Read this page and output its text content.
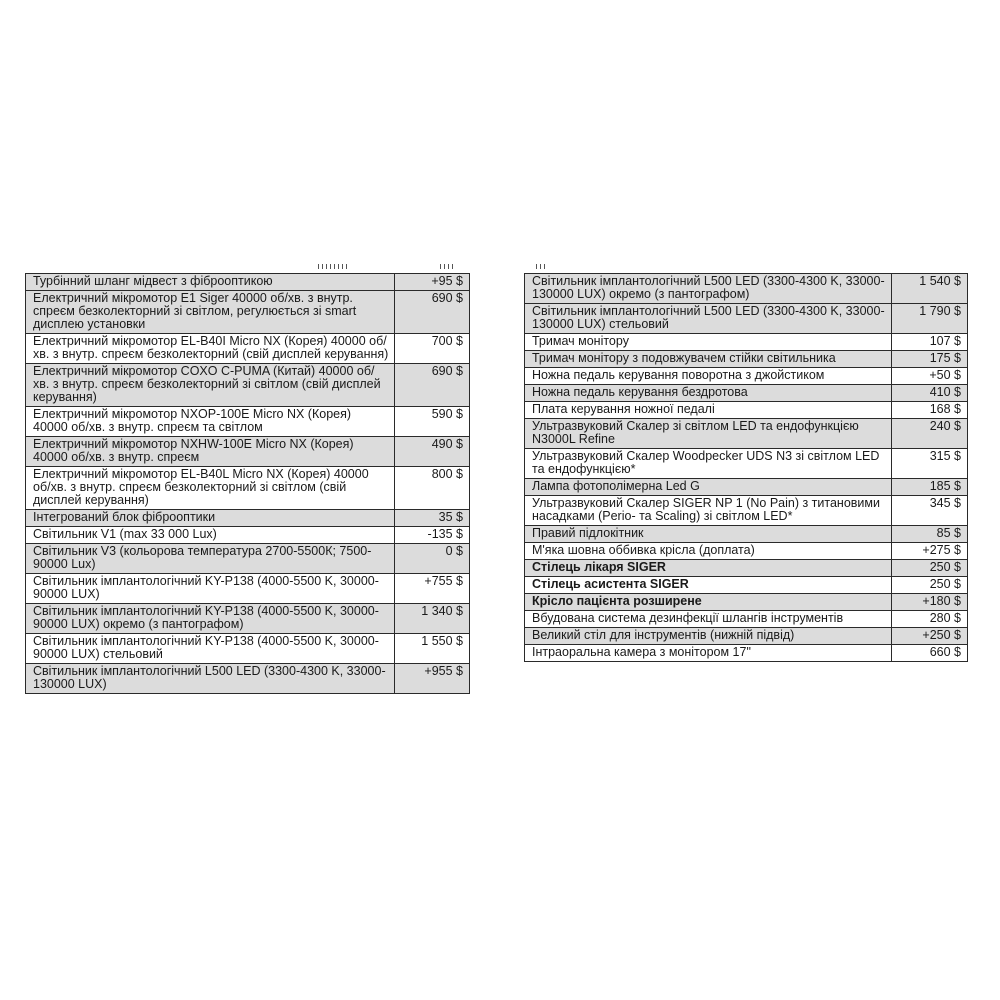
Турбінний шланг мідвест з фіброоптикою	+95 $
Електричний мікромотор E1 Siger 40000 об/хв. з внутр. спреєм безколекторний зі світлом, регулюється зі smart дисплею установки	690 $
Електричний мікромотор EL-B40I Micro NX (Корея) 40000 об/хв. з внутр. спреєм безколекторний (свій дисплей керування)	700 $
Електричний мікромотор COXO C-PUMA (Китай) 40000 об/хв. з внутр. спреєм безколекторний зі світлом (свій дисплей керування)	690 $
Електричний мікромотор NXOP-100E Micro NX (Корея) 40000 об/хв. з внутр. спреєм та світлом	590 $
Електричний мікромотор NXHW-100E Micro NX (Корея) 40000 об/хв. з внутр. спреєм	490 $
Електричний мікромотор EL-B40L Micro NX (Корея) 40000 об/хв. з внутр. спреєм безколекторний зі світлом (свій дисплей керування)	800 $
Інтегрований блок фіброоптики	35 $
Світильник V1 (max 33 000 Lux)	-135 $
Світильник V3 (кольорова температура 2700-5500К; 7500-90000 Lux)	0 $
Світильник імплантологічний KY-P138 (4000-5500 K, 30000-90000 LUX)	+755 $
Світильник імплантологічний KY-P138 (4000-5500 K, 30000-90000 LUX) окремо (з пантографом)	1 340 $
Світильник імплантологічний KY-P138 (4000-5500 K, 30000-90000 LUX) стельовий	1 550 $
Світильник імплантологічний L500 LED (3300-4300 K, 33000-130000 LUX)	+955 $
Світильник імплантологічний L500 LED (3300-4300 K, 33000-130000 LUX) окремо (з пантографом)	1 540 $
Світильник імплантологічний L500 LED (3300-4300 K, 33000-130000 LUX) стельовий	1 790 $
Тримач монітору	107 $
Тримач монітору з подовжувачем стійки світильника	175 $
Ножна педаль керування поворотна з джойстиком	+50 $
Ножна педаль керування бездротова	410 $
Плата керування ножної педалі	168 $
Ультразвуковий Скалер зі світлом LED та ендофункцією N3000L Refine	240 $
Ультразвуковий Скалер Woodpecker UDS N3 зі світлом LED та ендофункцією*	315 $
Лампа фотополімерна Led G	185 $
Ультразвуковий Скалер SIGER NP 1 (No Pain) з титановими насадками (Perio- та Scaling) зі світлом LED*	345 $
Правий підлокітник	85 $
М'яка шовна оббивка крісла (доплата)	+275 $
Стілець лікаря SIGER	250 $
Стілець асистента SIGER	250 $
Крісло пацієнта розширене	+180 $
Вбудована система дезинфекції шлангів інструментів	280 $
Великий стіл для інструментів (нижній підвід)	+250 $
Інтраоральна камера з монітором 17"	660 $
